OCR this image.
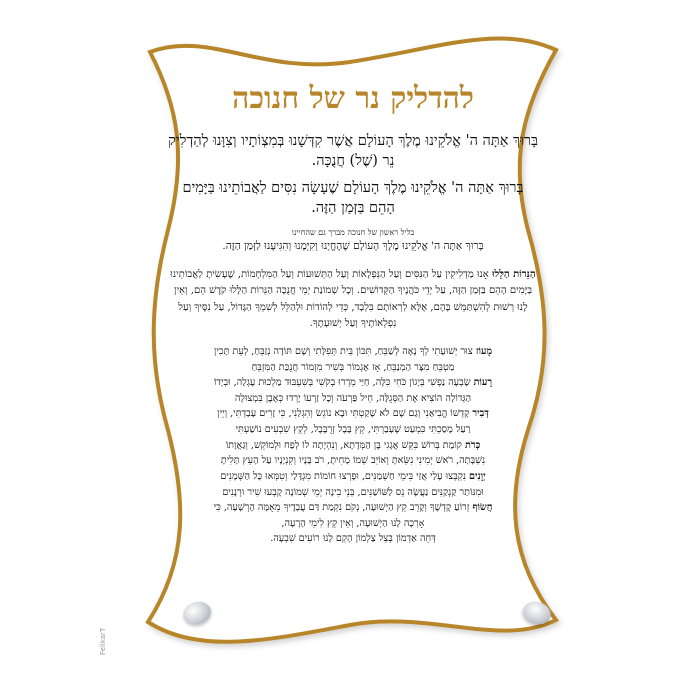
להדליק נר של חנוכה
בָּרוּךְ אַתָּה ה' אֱלֹקֵינוּ מֶלֶךְ הָעוֹלָם אֲשֶׁר קִדְּשָׁנוּ בְּמִצְוֹתָיו וְצִוָּנוּ לְהַדְלִיק נֵר (שֶׁל) חֲנֻכָּה.
בָּרוּךְ אַתָּה ה' אֱלֹקֵינוּ מֶלֶךְ הָעוֹלָם שֶׁעָשָׂה נִסִּים לַאֲבוֹתֵינוּ בַּיָּמִים הָהֵם בַּזְּמַן הַזֶּה.
בליל ראשון של חנוכה מברך גם שהחיינו
בָּרוּךְ אַתָּה ה' אֱלֹקֵינוּ מֶלֶךְ הָעוֹלָם שֶׁהֶחֱיָנוּ וְקִיְּמָנוּ וְהִגִּיעָנוּ לַזְּמַן הַזֶּה.
הַנֵּרוֹת הַלָּלוּ אָנוּ מַדְלִיקִין עַל הַנִּסִּים וְעַל הַנִּפְלָאוֹת וְעַל הַתְּשׁוּעוֹת וְעַל הַמִּלְחָמוֹת, שֶׁעָשִׂיתָ לַאֲבוֹתֵינוּ בַּיָּמִים הָהֵם בַּזְּמַן הַזֶּה, עַל יְדֵי כֹּהֲנֶיךָ הַקְּדוֹשִׁים. וְכָל שְׁמוֹנַת יְמֵי חֲנֻכָּה הַנֵּרוֹת הַלָּלוּ קֹדֶשׁ הֵם, וְאֵין לָנוּ רְשׁוּת לְהִשְׁתַּמֵּשׁ בָּהֶם, אֶלָּא לִרְאוֹתָם בִּלְבָד, כְּדֵי לְהוֹדוֹת וּלְהַלֵּל לְשִׁמְךָ הַגָּדוֹל, עַל נִסֶּיךָ וְעַל נִפְלְאוֹתֶיךָ וְעַל יְשׁוּעָתֶךָ.
מָעוֹז צוּר יְשׁוּעָתִי לְךָ נָאֶה לְשַׁבֵּחַ, תִּכּוֹן בֵּית תְּפִלָּתִי וְשָׁם תּוֹדָה נְזַבֵּחַ, לְעֵת תָּכִין
מַטְבֵּחַ מִצָּר הַמְנַבֵּחַ, אָז אֶגְמוֹר בְּשִׁיר מִזְמוֹר חֲנֻכַּת הַמִּזְבֵּחַ
רָעוֹת שָׂבְעָה נַפְשִׁי בְּיָגוֹן כֹּחִי כִּלָּה, חַיַּי מֵרְרוּ בְקֹשִׁי בְּשִׁעְבּוּד מַלְכוּת עֶגְלָה, וּבְיָדוֹ
הַגְּדוֹלָה הוֹצִיא אֶת הַסְּגֻלָּה, חֵיל פַּרְעֹה וְכָל זַרְעוֹ יָרְדוּ כְּאֶבֶן בִּמְצוּלָה
דְּבִיר קָדְשׁוֹ הֱבִיאַנִי וְגַם שָׁם לֹא שָׁקַטְתִּי וּבָא נוֹגֵשׂ וְהִגְלַנִי, כִּי זָרִים עָבַדְתִּי, וְיֵין
רַעַל מָסַכְתִּי כִּמְעַט שֶׁעָבַרְתִּי, קֵץ בָּבֶל זְרֻבָּבֶל, לְקֵץ שִׁבְעִים נוֹשַׁעְתִּי
כְּרֹת קוֹמַת בְּרוֹשׁ בִּקֵּשׁ אֲגָגִי בֶּן הַמְּדָתָא, וְנִהְיָתָה לוֹ לְפַח וּלְמוֹקֵשׁ, וְגַאֲוָתוֹ
נִשְׁבָּתָה, רֹאשׁ יְמִינִי נִשֵּׂאתָ וְאוֹיֵב שְׁמוֹ מָחִיתָ, רֹב בָּנָיו וְקִנְיָנָיו עַל הָעֵץ תָּלִיתָ
יְוָנִים נִקְבְּצוּ עָלַי אֲזַי בִּימֵי חַשְׁמַנִּים, וּפָרְצוּ חוֹמוֹת מִגְדָּלַי וְטִמְּאוּ כָּל הַשְּׁמָנִים
וּמִנּוֹתַר קַנְקַנִּים נַעֲשָׂה נֵס לַשּׁוֹשַׁנִּים, בְּנֵי בִינָה יְמֵי שְׁמוֹנָה קָבְעוּ שִׁיר וּרְנָנִים
חֲשׂוֹף זְרוֹעַ קָדְשֶׁךָ וְקָרֵב קֵץ הַיְשׁוּעָה, נְקֹם נִקְמַת דַּם עֲבָדֶיךָ מֵאֻמָּה הָרְשָׁעָה, כִּי
אָרְכָה לָנוּ הַיְשׁוּעָה, וְאֵין קֵץ לִימֵי הָרָעָה,
דְּחֵה אַדְמוֹן בְּצֵל צַלְמוֹן הָקֵם לָנוּ רוֹעִים שִׁבְעָה.
FelikarT
